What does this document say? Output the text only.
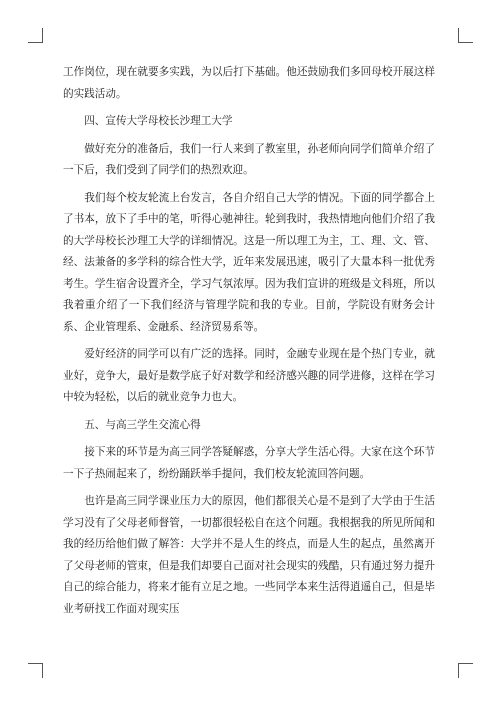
工作岗位，现在就要多实践，为以后打下基础。他还鼓励我们多回母校开展这样的实践活动。

四、宣传大学母校长沙理工大学

做好充分的准备后，我们一行人来到了教室里，孙老师向同学们简单介绍了一下后，我们受到了同学们的热烈欢迎。

我们每个校友轮流上台发言，各自介绍自己大学的情况。下面的同学都合上了书本，放下了手中的笔，听得心驰神往。轮到我时，我热情地向他们介绍了我的大学母校长沙理工大学的详细情况。这是一所以理工为主，工、理、文、管、经、法兼备的多学科的综合性大学，近年来发展迅速，吸引了大量本科一批优秀考生。学生宿舍设置齐全，学习气氛浓厚。因为我们宣讲的班级是文科班，所以我着重介绍了一下我们经济与管理学院和我的专业。目前，学院设有财务会计系、企业管理系、金融系、经济贸易系等。

爱好经济的同学可以有广泛的选择。同时，金融专业现在是个热门专业，就业好，竞争大，最好是数学底子好对数学和经济感兴趣的同学进修，这样在学习中较为轻松，以后的就业竞争力也大。

五、与高三学生交流心得

接下来的环节是为高三同学答疑解惑，分享大学生活心得。大家在这个环节一下子热闹起来了，纷纷踊跃举手提问，我们校友轮流回答问题。

也许是高三同学课业压力大的原因，他们都很关心是不是到了大学由于生活学习没有了父母老师督管，一切都很轻松自在这个问题。我根据我的所见所闻和我的经历给他们做了解答：大学并不是人生的终点，而是人生的起点，虽然离开了父母老师的管束，但是我们却要自己面对社会现实的残酷，只有通过努力提升自己的综合能力，将来才能有立足之地。一些同学本来生活得逍遥自己，但是毕业考研找工作面对现实压
